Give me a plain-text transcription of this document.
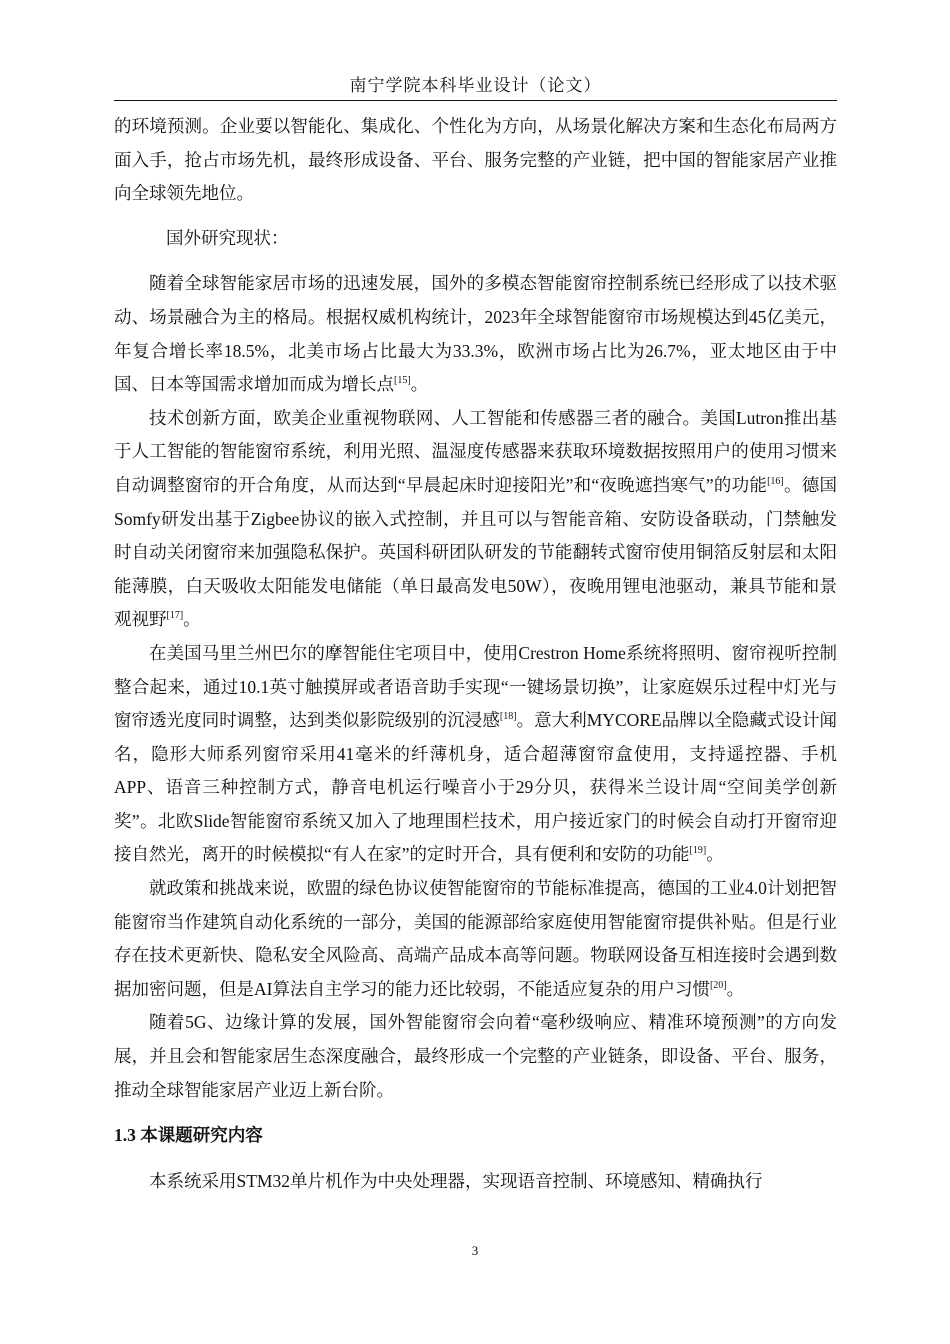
南宁学院本科毕业设计（论文）

的环境预测。企业要以智能化、集成化、个性化为方向，从场景化解决方案和生态化布局两方面入手，抢占市场先机，最终形成设备、平台、服务完整的产业链，把中国的智能家居产业推向全球领先地位。

国外研究现状：

随着全球智能家居市场的迅速发展，国外的多模态智能窗帘控制系统已经形成了以技术驱动、场景融合为主的格局。根据权威机构统计，2023年全球智能窗帘市场规模达到45亿美元，年复合增长率18.5%，北美市场占比最大为33.3%，欧洲市场占比为26.7%，亚太地区由于中国、日本等国需求增加而成为增长点[15]。

技术创新方面，欧美企业重视物联网、人工智能和传感器三者的融合。美国Lutron推出基于人工智能的智能窗帘系统，利用光照、温湿度传感器来获取环境数据按照用户的使用习惯来自动调整窗帘的开合角度，从而达到“早晨起床时迎接阳光”和“夜晚遮挡寒气”的功能[16]。德国Somfy研发出基于Zigbee协议的嵌入式控制，并且可以与智能音箱、安防设备联动，门禁触发时自动关闭窗帘来加强隐私保护。英国科研团队研发的节能翻转式窗帘使用铜箔反射层和太阳能薄膜，白天吸收太阳能发电储能（单日最高发电50W），夜晚用锂电池驱动，兼具节能和景观视野[17]。

在美国马里兰州巴尔的摩智能住宅项目中，使用Crestron Home系统将照明、窗帘视听控制整合起来，通过10.1英寸触摸屏或者语音助手实现“一键场景切换”，让家庭娱乐过程中灯光与窗帘透光度同时调整，达到类似影院级别的沉浸感[18]。意大利MYCORE品牌以全隐藏式设计闻名，隐形大师系列窗帘采用41毫米的纤薄机身，适合超薄窗帘盒使用，支持遥控器、手机APP、语音三种控制方式，静音电机运行噪音小于29分贝，获得米兰设计周“空间美学创新奖”。北欧Slide智能窗帘系统又加入了地理围栏技术，用户接近家门的时候会自动打开窗帘迎接自然光，离开的时候模拟“有人在家”的定时开合，具有便利和安防的功能[19]。

就政策和挑战来说，欧盟的绿色协议使智能窗帘的节能标准提高，德国的工业4.0计划把智能窗帘当作建筑自动化系统的一部分，美国的能源部给家庭使用智能窗帘提供补贴。但是行业存在技术更新快、隐私安全风险高、高端产品成本高等问题。物联网设备互相连接时会遇到数据加密问题，但是AI算法自主学习的能力还比较弱，不能适应复杂的用户习惯[20]。

随着5G、边缘计算的发展，国外智能窗帘会向着“毫秒级响应、精准环境预测”的方向发展，并且会和智能家居生态深度融合，最终形成一个完整的产业链条，即设备、平台、服务，推动全球智能家居产业迈上新台阶。

1.3 本课题研究内容

本系统采用STM32单片机作为中央处理器，实现语音控制、环境感知、精确执行

3
